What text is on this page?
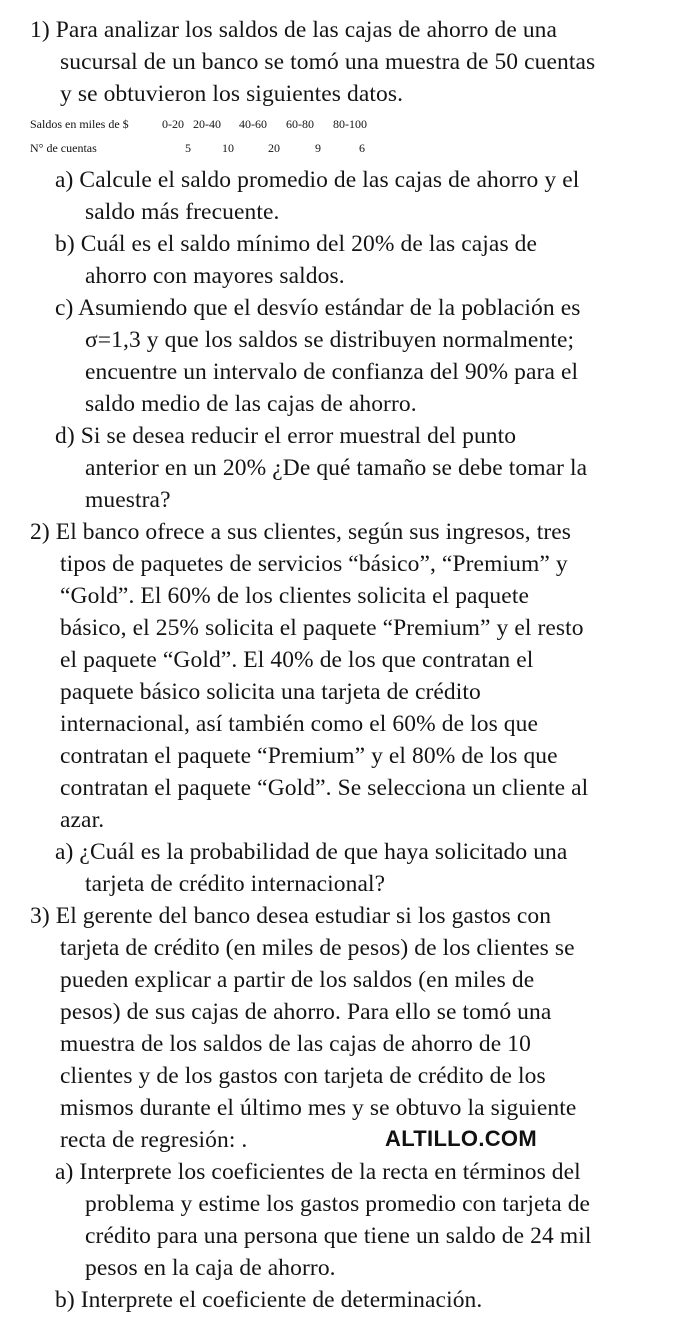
1) Para analizar los saldos de las cajas de ahorro de una
sucursal de un banco se tomó una muestra de 50 cuentas
y se obtuvieron los siguientes datos.
Saldos en miles de $	0-20 20-40 40-60 60-80 80-100
N° de cuentas	5	10	20	9	6
a) Calcule el saldo promedio de las cajas de ahorro y el
saldo más frecuente.
b) Cuál es el saldo mínimo del 20% de las cajas de
ahorro con mayores saldos.
c) Asumiendo que el desvío estándar de la población es
σ=1,3 y que los saldos se distribuyen normalmente;
encuentre un intervalo de confianza del 90% para el
saldo medio de las cajas de ahorro.
d) Si se desea reducir el error muestral del punto
anterior en un 20% ¿De qué tamaño se debe tomar la
muestra?
2) El banco ofrece a sus clientes, según sus ingresos, tres
tipos de paquetes de servicios “básico”, “Premium” y
“Gold”. El 60% de los clientes solicita el paquete
básico, el 25% solicita el paquete “Premium” y el resto
el paquete “Gold”. El 40% de los que contratan el
paquete básico solicita una tarjeta de crédito
internacional, así también como el 60% de los que
contratan el paquete “Premium” y el 80% de los que
contratan el paquete “Gold”. Se selecciona un cliente al
azar.
a) ¿Cuál es la probabilidad de que haya solicitado una
tarjeta de crédito internacional?
3) El gerente del banco desea estudiar si los gastos con
tarjeta de crédito (en miles de pesos) de los clientes se
pueden explicar a partir de los saldos (en miles de
pesos) de sus cajas de ahorro. Para ello se tomó una
muestra de los saldos de las cajas de ahorro de 10
clientes y de los gastos con tarjeta de crédito de los
mismos durante el último mes y se obtuvo la siguiente
recta de regresión: .	ALTILLO.COM
a) Interprete los coeficientes de la recta en términos del
problema y estime los gastos promedio con tarjeta de
crédito para una persona que tiene un saldo de 24 mil
pesos en la caja de ahorro.
b) Interprete el coeficiente de determinación.
